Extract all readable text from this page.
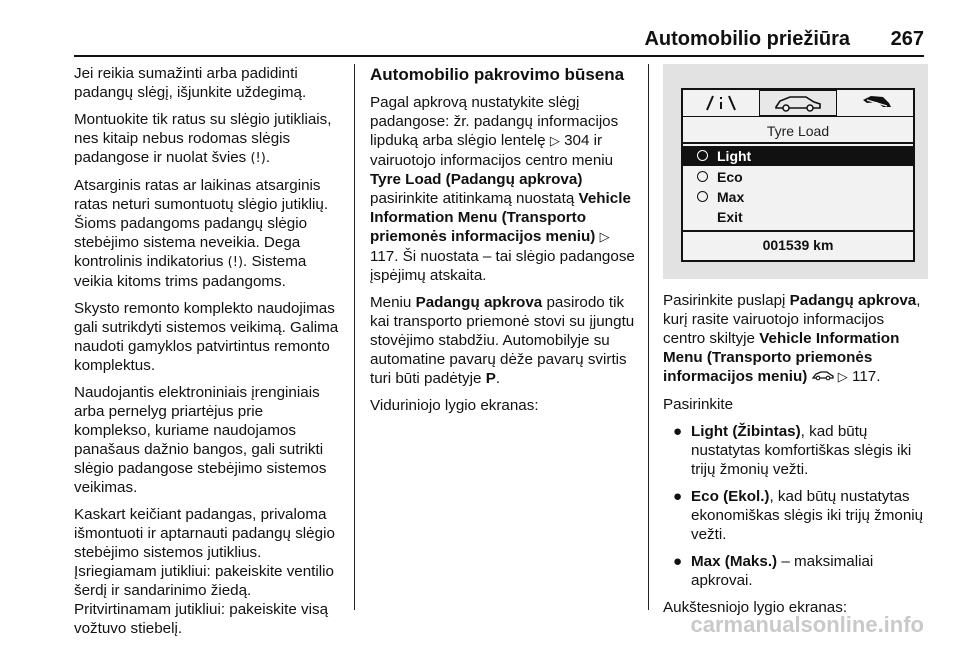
Automobilio priežiūra 267

Jei reikia sumažinti arba padidinti padangų slėgį, išjunkite uždegimą.

Montuokite tik ratus su slėgio jutikliais, nes kitaip nebus rodomas slėgis padangose ir nuolat švies (!).

Atsarginis ratas ar laikinas atsarginis ratas neturi sumontuotų slėgio jutiklių. Šioms padangoms padangų slėgio stebėjimo sistema neveikia. Dega kontrolinis indikatorius (!). Sistema veikia kitoms trims padangoms.

Skysto remonto komplekto naudojimas gali sutrikdyti sistemos veikimą. Galima naudoti gamyklos patvirtintus remonto komplektus.

Naudojantis elektroniniais įrenginiais arba pernelyg priartėjus prie komplekso, kuriame naudojamos panašaus dažnio bangos, gali sutrikti slėgio padangose stebėjimo sistemos veikimas.

Kaskart keičiant padangas, privaloma išmontuoti ir aptarnauti padangų slėgio stebėjimo sistemos jutiklius. Įsriegiamam jutikliui: pakeiskite ventilio šerdį ir sandarinimo žiedą. Pritvirtinamam jutikliui: pakeiskite visą vožtuvo stiebelį.

Automobilio pakrovimo būsena

Pagal apkrovą nustatykite slėgį padangose: žr. padangų informacijos lipduką arba slėgio lentelę ▷ 304 ir vairuotojo informacijos centro meniu Tyre Load (Padangų apkrova) pasirinkite atitinkamą nuostatą Vehicle Information Menu (Transporto priemonės informacijos meniu) ▷ 117. Ši nuostata – tai slėgio padangose įspėjimų atskaita.

Meniu Padangų apkrova pasirodo tik kai transporto priemonė stovi su įjungtu stovėjimo stabdžiu. Automobilyje su automatine pavarų dėže pavarų svirtis turi būti padėtyje P.

Viduriniojo lygio ekranas:

Tyre Load
Light
Eco
Max
Exit
001539 km

Pasirinkite puslapį Padangų apkrova, kurį rasite vairuotojo informacijos centro skiltyje Vehicle Information Menu (Transporto priemonės informacijos meniu) ▷ 117.

Pasirinkite

● Light (Žibintas), kad būtų nustatytas komfortiškas slėgis iki trijų žmonių vežti.
● Eco (Ekol.), kad būtų nustatytas ekonomiškas slėgis iki trijų žmonių vežti.
● Max (Maks.) – maksimaliai apkrovai.

Aukštesniojo lygio ekranas:

carmanualsonline.info
